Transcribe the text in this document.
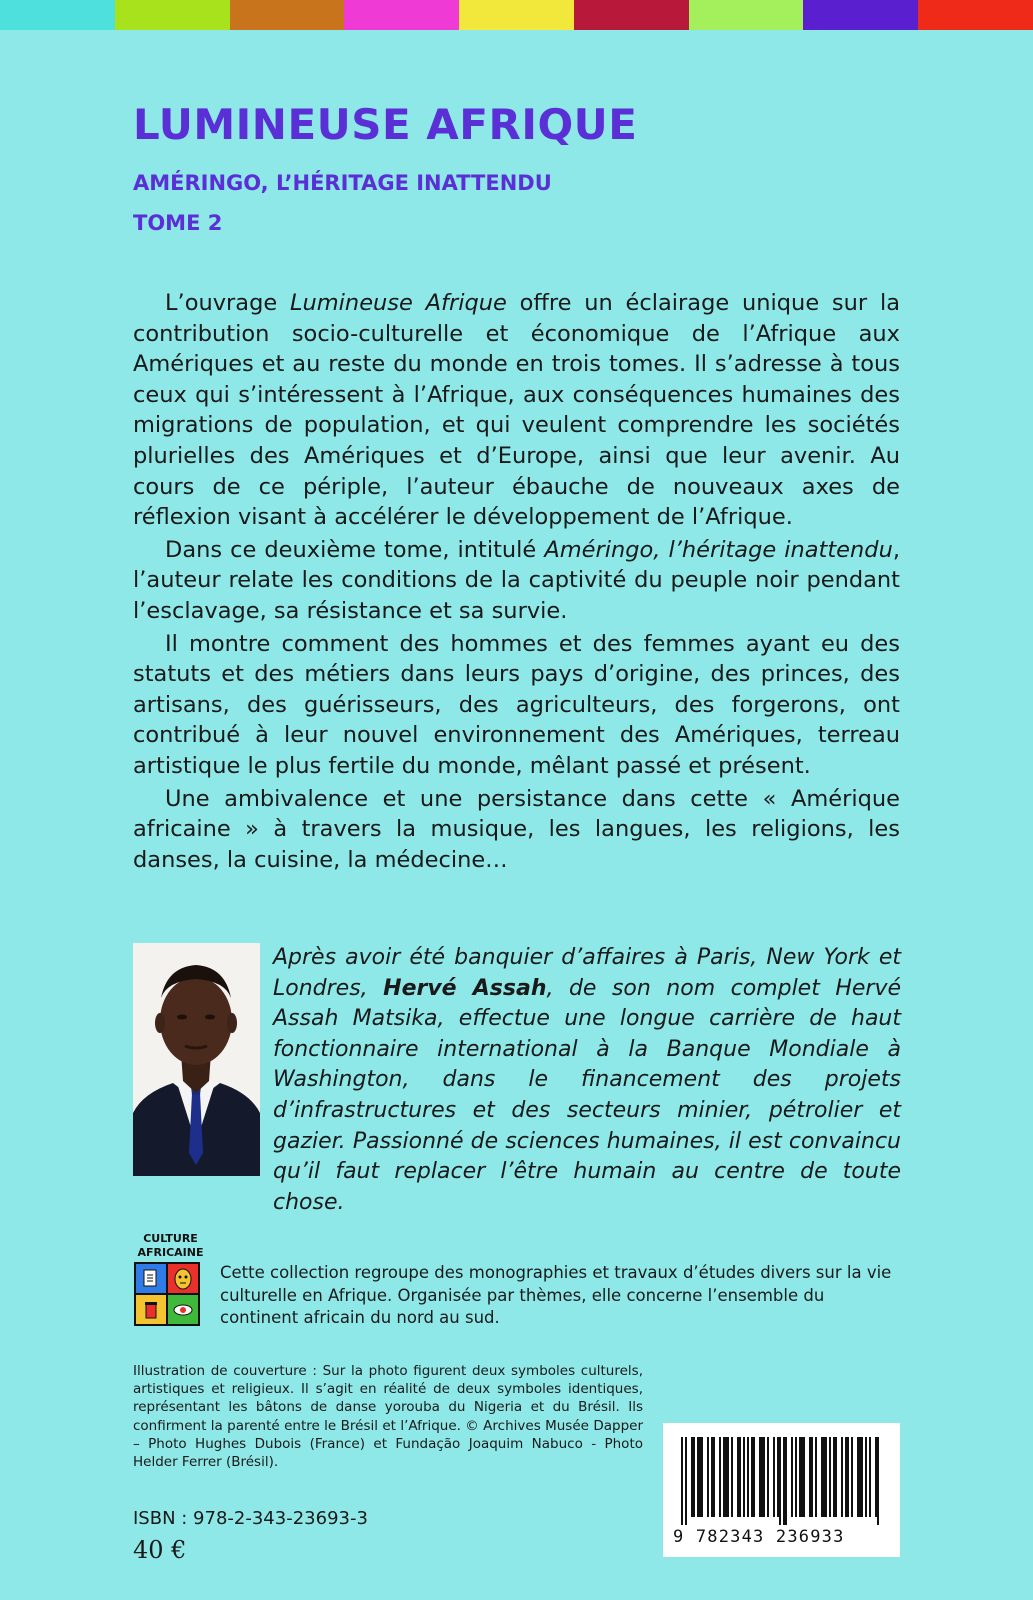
LUMINEUSE AFRIQUE
AMÉRINGO, L’HÉRITAGE INATTENDU
TOME 2

L’ouvrage Lumineuse Afrique offre un éclairage unique sur la contribution socio-culturelle et économique de l’Afrique aux Amériques et au reste du monde en trois tomes. Il s’adresse à tous ceux qui s’intéressent à l’Afrique, aux conséquences humaines des migrations de population, et qui veulent comprendre les sociétés plurielles des Amériques et d’Europe, ainsi que leur avenir. Au cours de ce périple, l’auteur ébauche de nouveaux axes de réflexion visant à accélérer le développement de l’Afrique.

Dans ce deuxième tome, intitulé Améringo, l’héritage inattendu, l’auteur relate les conditions de la captivité du peuple noir pendant l’esclavage, sa résistance et sa survie.

Il montre comment des hommes et des femmes ayant eu des statuts et des métiers dans leurs pays d’origine, des princes, des artisans, des guérisseurs, des agriculteurs, des forgerons, ont contribué à leur nouvel environnement des Amériques, terreau artistique le plus fertile du monde, mêlant passé et présent.

Une ambivalence et une persistance dans cette « Amérique africaine » à travers la musique, les langues, les religions, les danses, la cuisine, la médecine…

Après avoir été banquier d’affaires à Paris, New York et Londres, Hervé Assah, de son nom complet Hervé Assah Matsika, effectue une longue carrière de haut fonctionnaire international à la Banque Mondiale à Washington, dans le financement des projets d’infrastructures et des secteurs minier, pétrolier et gazier. Passionné de sciences humaines, il est convaincu qu’il faut replacer l’être humain au centre de toute chose.

CULTURE
AFRICAINE

Cette collection regroupe des monographies et travaux d’études divers sur la vie culturelle en Afrique. Organisée par thèmes, elle concerne l’ensemble du continent africain du nord au sud.

Illustration de couverture : Sur la photo figurent deux symboles culturels, artistiques et religieux. Il s’agit en réalité de deux symboles identiques, représentant les bâtons de danse yorouba du Nigeria et du Brésil. Ils confirment la parenté entre le Brésil et l’Afrique. © Archives Musée Dapper – Photo Hughes Dubois (France) et Fundação Joaquim Nabuco - Photo Helder Ferrer (Brésil).

ISBN : 978-2-343-23693-3
40 €	9 782343 236933
